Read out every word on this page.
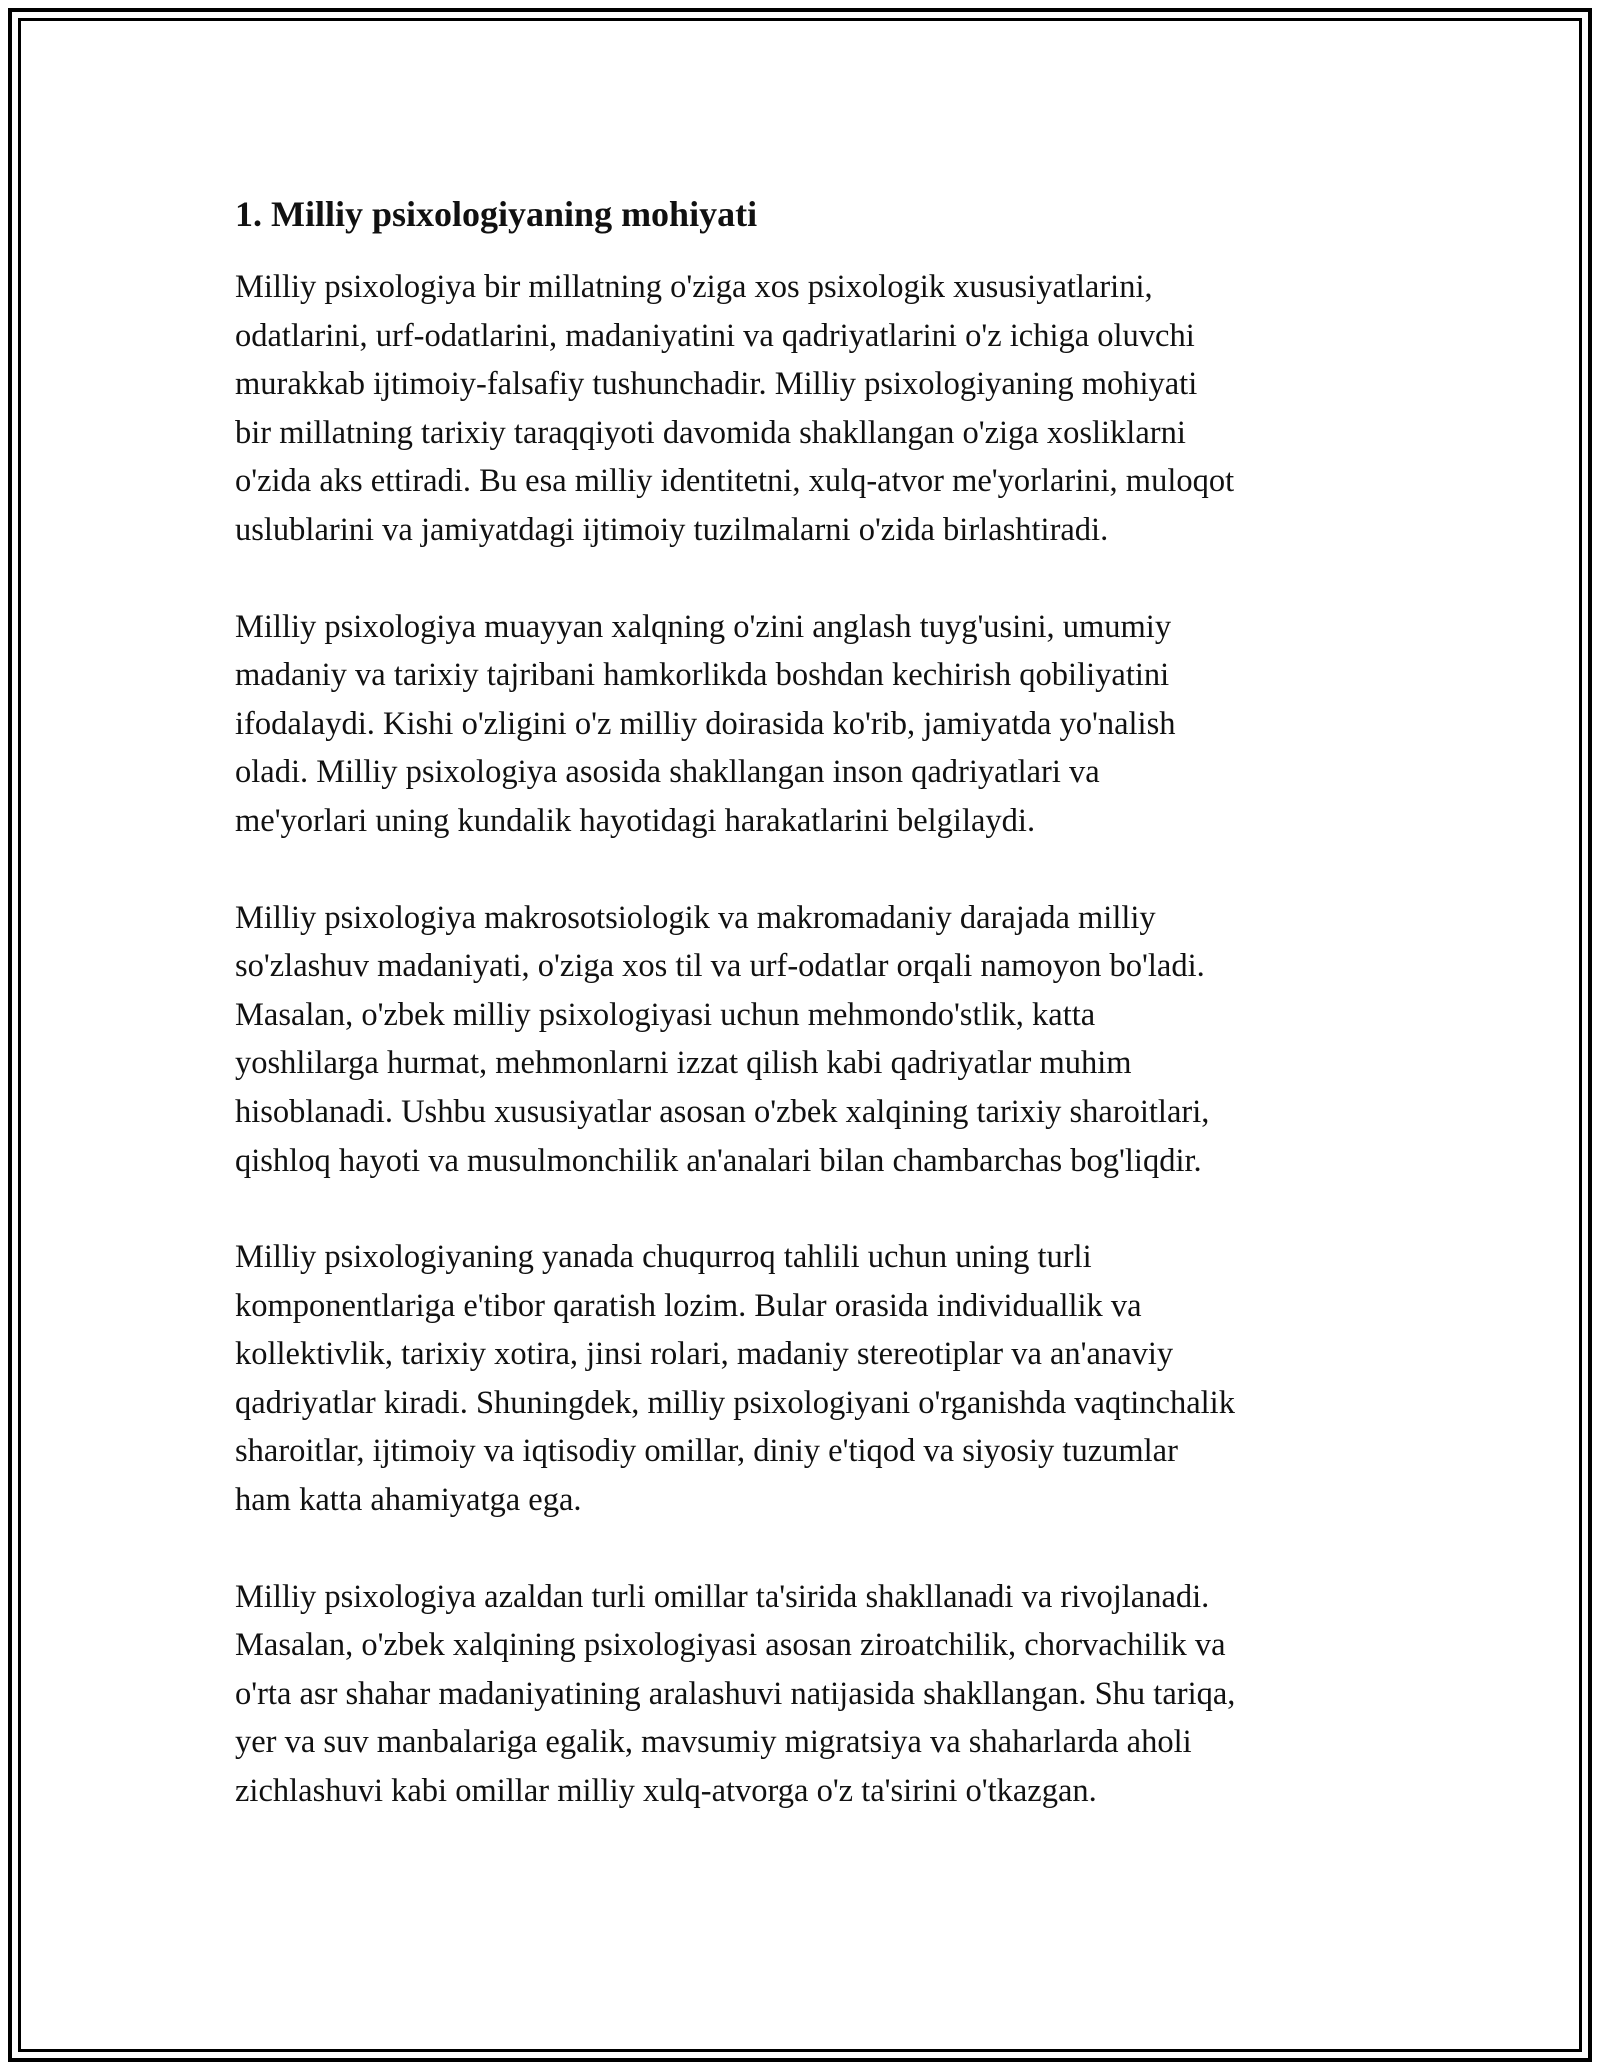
1. Milliy psixologiyaning mohiyati

Milliy psixologiya bir millatning o'ziga xos psixologik xususiyatlarini,
odatlarini, urf-odatlarini, madaniyatini va qadriyatlarini o'z ichiga oluvchi
murakkab ijtimoiy-falsafiy tushunchadir. Milliy psixologiyaning mohiyati
bir millatning tarixiy taraqqiyoti davomida shakllangan o'ziga xosliklarni
o'zida aks ettiradi. Bu esa milliy identitetni, xulq-atvor me'yorlarini, muloqot
uslublarini va jamiyatdagi ijtimoiy tuzilmalarni o'zida birlashtiradi.

Milliy psixologiya muayyan xalqning o'zini anglash tuyg'usini, umumiy
madaniy va tarixiy tajribani hamkorlikda boshdan kechirish qobiliyatini
ifodalaydi. Kishi o'zligini o'z milliy doirasida ko'rib, jamiyatda yo'nalish
oladi. Milliy psixologiya asosida shakllangan inson qadriyatlari va
me'yorlari uning kundalik hayotidagi harakatlarini belgilaydi.

Milliy psixologiya makrosotsiologik va makromadaniy darajada milliy
so'zlashuv madaniyati, o'ziga xos til va urf-odatlar orqali namoyon bo'ladi.
Masalan, o'zbek milliy psixologiyasi uchun mehmondo'stlik, katta
yoshlilarga hurmat, mehmonlarni izzat qilish kabi qadriyatlar muhim
hisoblanadi. Ushbu xususiyatlar asosan o'zbek xalqining tarixiy sharoitlari,
qishloq hayoti va musulmonchilik an'analari bilan chambarchas bog'liqdir.

Milliy psixologiyaning yanada chuqurroq tahlili uchun uning turli
komponentlariga e'tibor qaratish lozim. Bular orasida individuallik va
kollektivlik, tarixiy xotira, jinsi rolari, madaniy stereotiplar va an'anaviy
qadriyatlar kiradi. Shuningdek, milliy psixologiyani o'rganishda vaqtinchalik
sharoitlar, ijtimoiy va iqtisodiy omillar, diniy e'tiqod va siyosiy tuzumlar
ham katta ahamiyatga ega.

Milliy psixologiya azaldan turli omillar ta'sirida shakllanadi va rivojlanadi.
Masalan, o'zbek xalqining psixologiyasi asosan ziroatchilik, chorvachilik va
o'rta asr shahar madaniyatining aralashuvi natijasida shakllangan. Shu tariqa,
yer va suv manbalariga egalik, mavsumiy migratsiya va shaharlarda aholi
zichlashuvi kabi omillar milliy xulq-atvorga o'z ta'sirini o'tkazgan.
